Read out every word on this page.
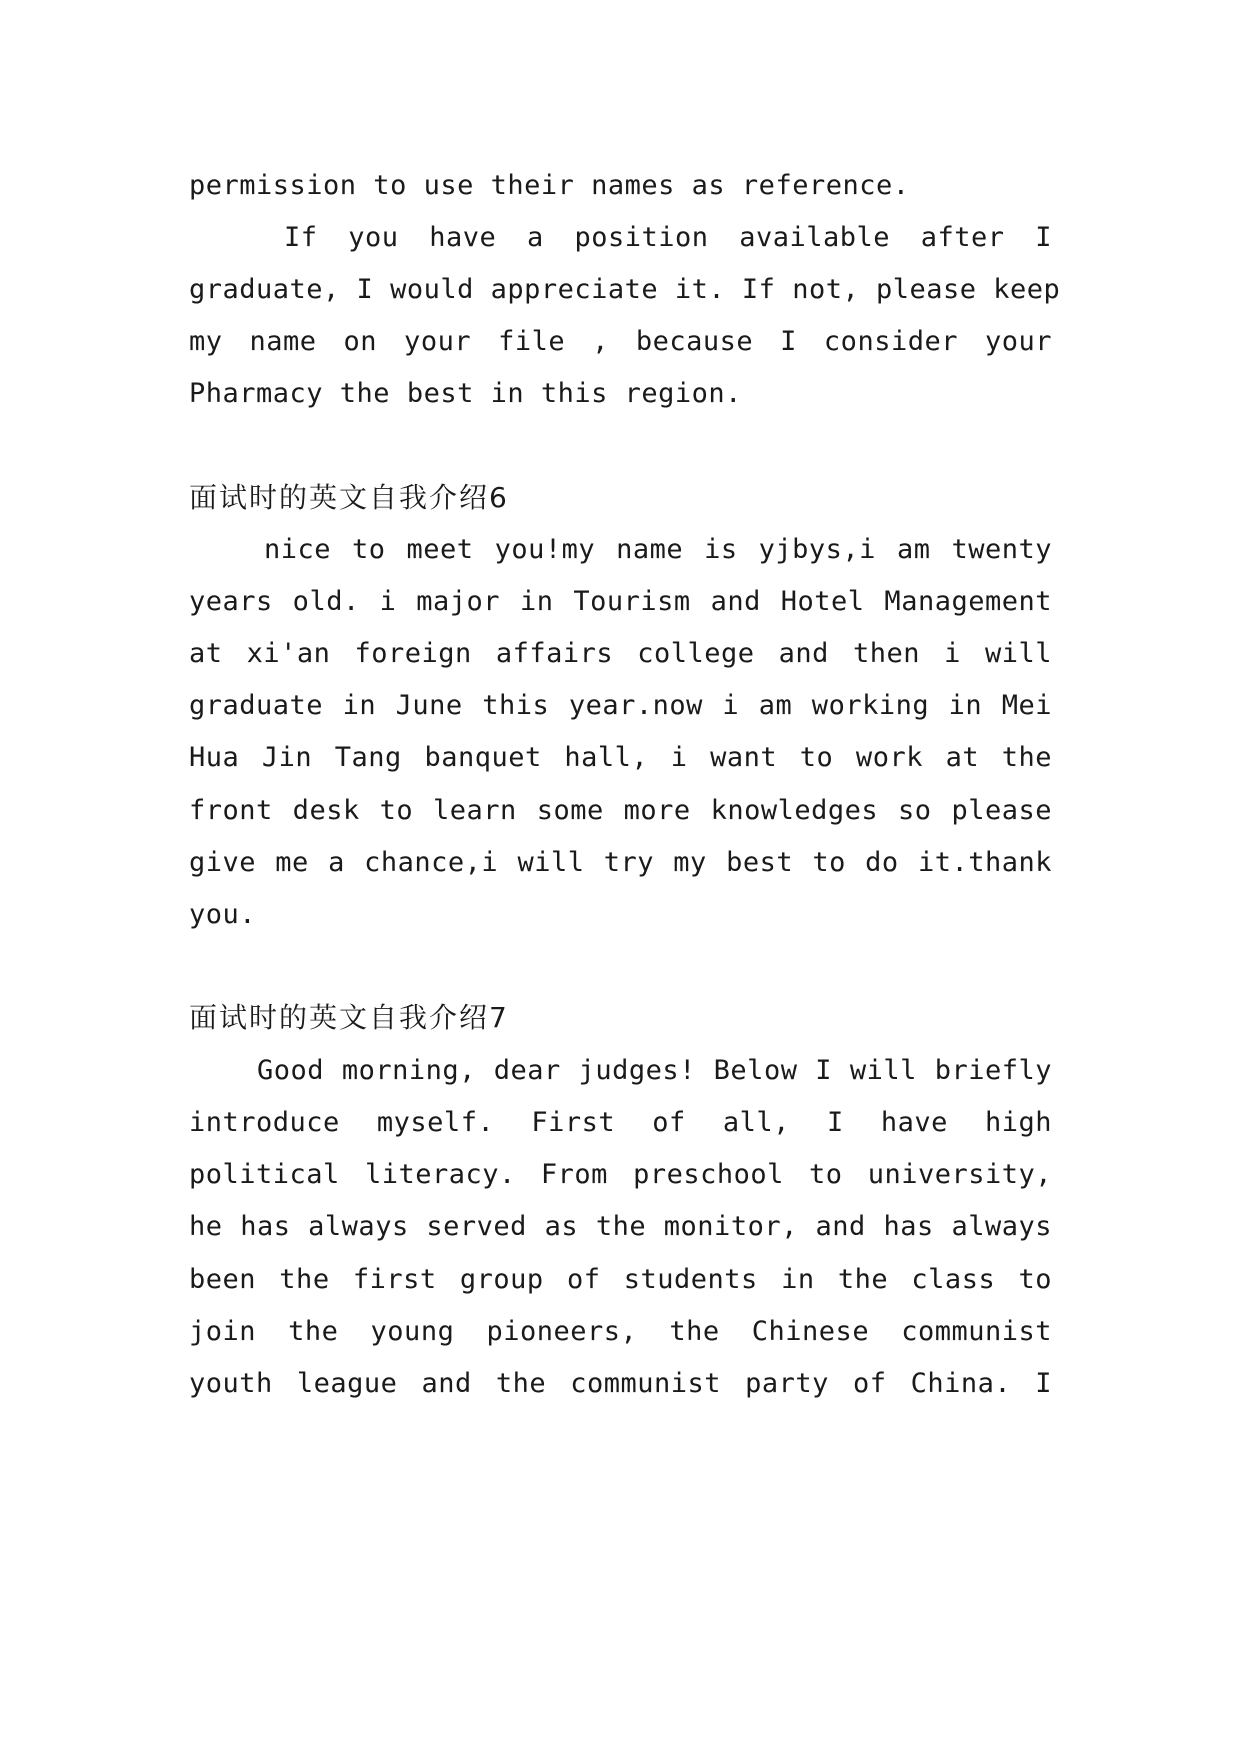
permission to use their names as reference.
If you have a position available after I
graduate, I would appreciate it. If not, please keep
my name on your file , because I consider your
Pharmacy the best in this region.
面试时的英文自我介绍6
nice to meet you!my name is yjbys,i am twenty
years old. i major in Tourism and Hotel Management
at xi'an foreign affairs college and then i will
graduate in June this year.now i am working in Mei
Hua Jin Tang banquet hall, i want to work at the
front desk to learn some more knowledges so please
give me a chance,i will try my best to do it.thank
you.
面试时的英文自我介绍7
Good morning, dear judges! Below I will briefly
introduce myself. First of all, I have high
political literacy. From preschool to university,
he has always served as the monitor, and has always
been the first group of students in the class to
join the young pioneers, the Chinese communist
youth league and the communist party of China. I
